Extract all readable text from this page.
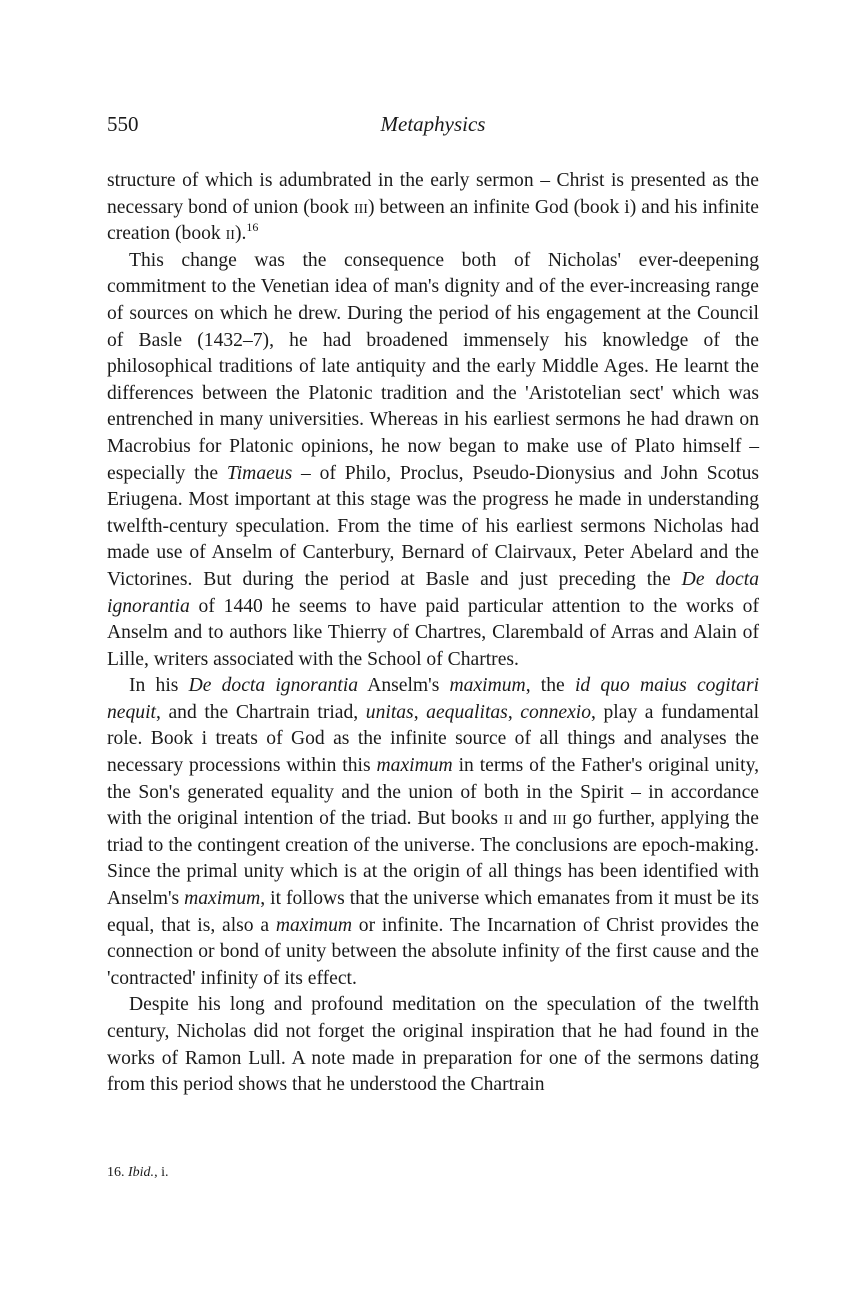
550	Metaphysics

structure of which is adumbrated in the early sermon – Christ is presented as the necessary bond of union (book iii) between an infinite God (book i) and his infinite creation (book ii).$^{16}$

This change was the consequence both of Nicholas' ever-deepening commitment to the Venetian idea of man's dignity and of the ever-increasing range of sources on which he drew. During the period of his engagement at the Council of Basle (1432–7), he had broadened immensely his knowledge of the philosophical traditions of late antiquity and the early Middle Ages. He learnt the differences between the Platonic tradition and the 'Aristotelian sect' which was entrenched in many universities. Whereas in his earliest sermons he had drawn on Macrobius for Platonic opinions, he now began to make use of Plato himself – especially the Timaeus – of Philo, Proclus, Pseudo-Dionysius and John Scotus Eriugena. Most important at this stage was the progress he made in understanding twelfth-century speculation. From the time of his earliest sermons Nicholas had made use of Anselm of Canterbury, Bernard of Clairvaux, Peter Abelard and the Victorines. But during the period at Basle and just preceding the De docta ignorantia of 1440 he seems to have paid particular attention to the works of Anselm and to authors like Thierry of Chartres, Clarembald of Arras and Alain of Lille, writers associated with the School of Chartres.

In his De docta ignorantia Anselm's maximum, the id quo maius cogitari nequit, and the Chartrain triad, unitas, aequalitas, connexio, play a fundamental role. Book i treats of God as the infinite source of all things and analyses the necessary processions within this maximum in terms of the Father's original unity, the Son's generated equality and the union of both in the Spirit – in accordance with the original intention of the triad. But books ii and iii go further, applying the triad to the contingent creation of the universe. The conclusions are epoch-making. Since the primal unity which is at the origin of all things has been identified with Anselm's maximum, it follows that the universe which emanates from it must be its equal, that is, also a maximum or infinite. The Incarnation of Christ provides the connection or bond of unity between the absolute infinity of the first cause and the 'contracted' infinity of its effect.

Despite his long and profound meditation on the speculation of the twelfth century, Nicholas did not forget the original inspiration that he had found in the works of Ramon Lull. A note made in preparation for one of the sermons dating from this period shows that he understood the Chartrain

16. Ibid., i.
